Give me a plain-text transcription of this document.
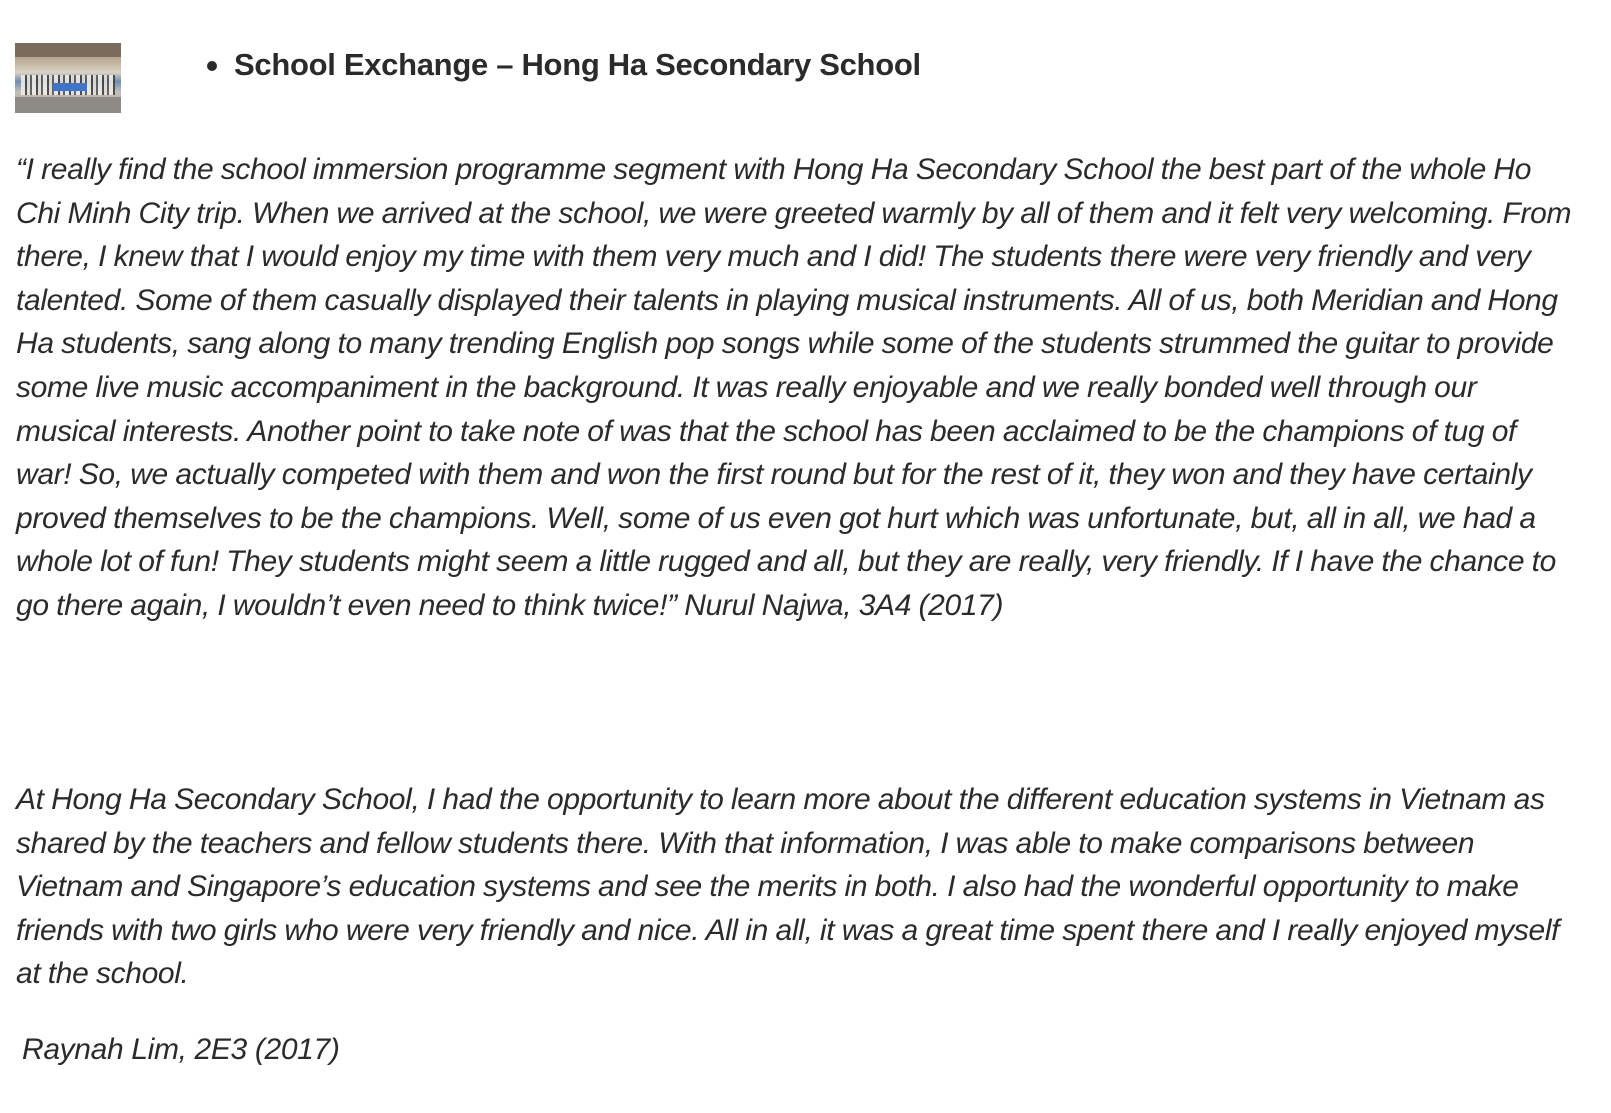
School Exchange – Hong Ha Secondary School

“I really find the school immersion programme segment with Hong Ha Secondary School the best part of the whole Ho Chi Minh City trip. When we arrived at the school, we were greeted warmly by all of them and it felt very welcoming. From there, I knew that I would enjoy my time with them very much and I did! The students there were very friendly and very talented. Some of them casually displayed their talents in playing musical instruments. All of us, both Meridian and Hong Ha students, sang along to many trending English pop songs while some of the students strummed the guitar to provide some live music accompaniment in the background. It was really enjoyable and we really bonded well through our musical interests. Another point to take note of was that the school has been acclaimed to be the champions of tug of war! So, we actually competed with them and won the first round but for the rest of it, they won and they have certainly proved themselves to be the champions. Well, some of us even got hurt which was unfortunate, but, all in all, we had a whole lot of fun! They students might seem a little rugged and all, but they are really, very friendly. If I have the chance to go there again, I wouldn’t even need to think twice!” Nurul Najwa, 3A4 (2017)

At Hong Ha Secondary School, I had the opportunity to learn more about the different education systems in Vietnam as shared by the teachers and fellow students there. With that information, I was able to make comparisons between Vietnam and Singapore’s education systems and see the merits in both. I also had the wonderful opportunity to make friends with two girls who were very friendly and nice. All in all, it was a great time spent there and I really enjoyed myself at the school.

Raynah Lim, 2E3 (2017)
